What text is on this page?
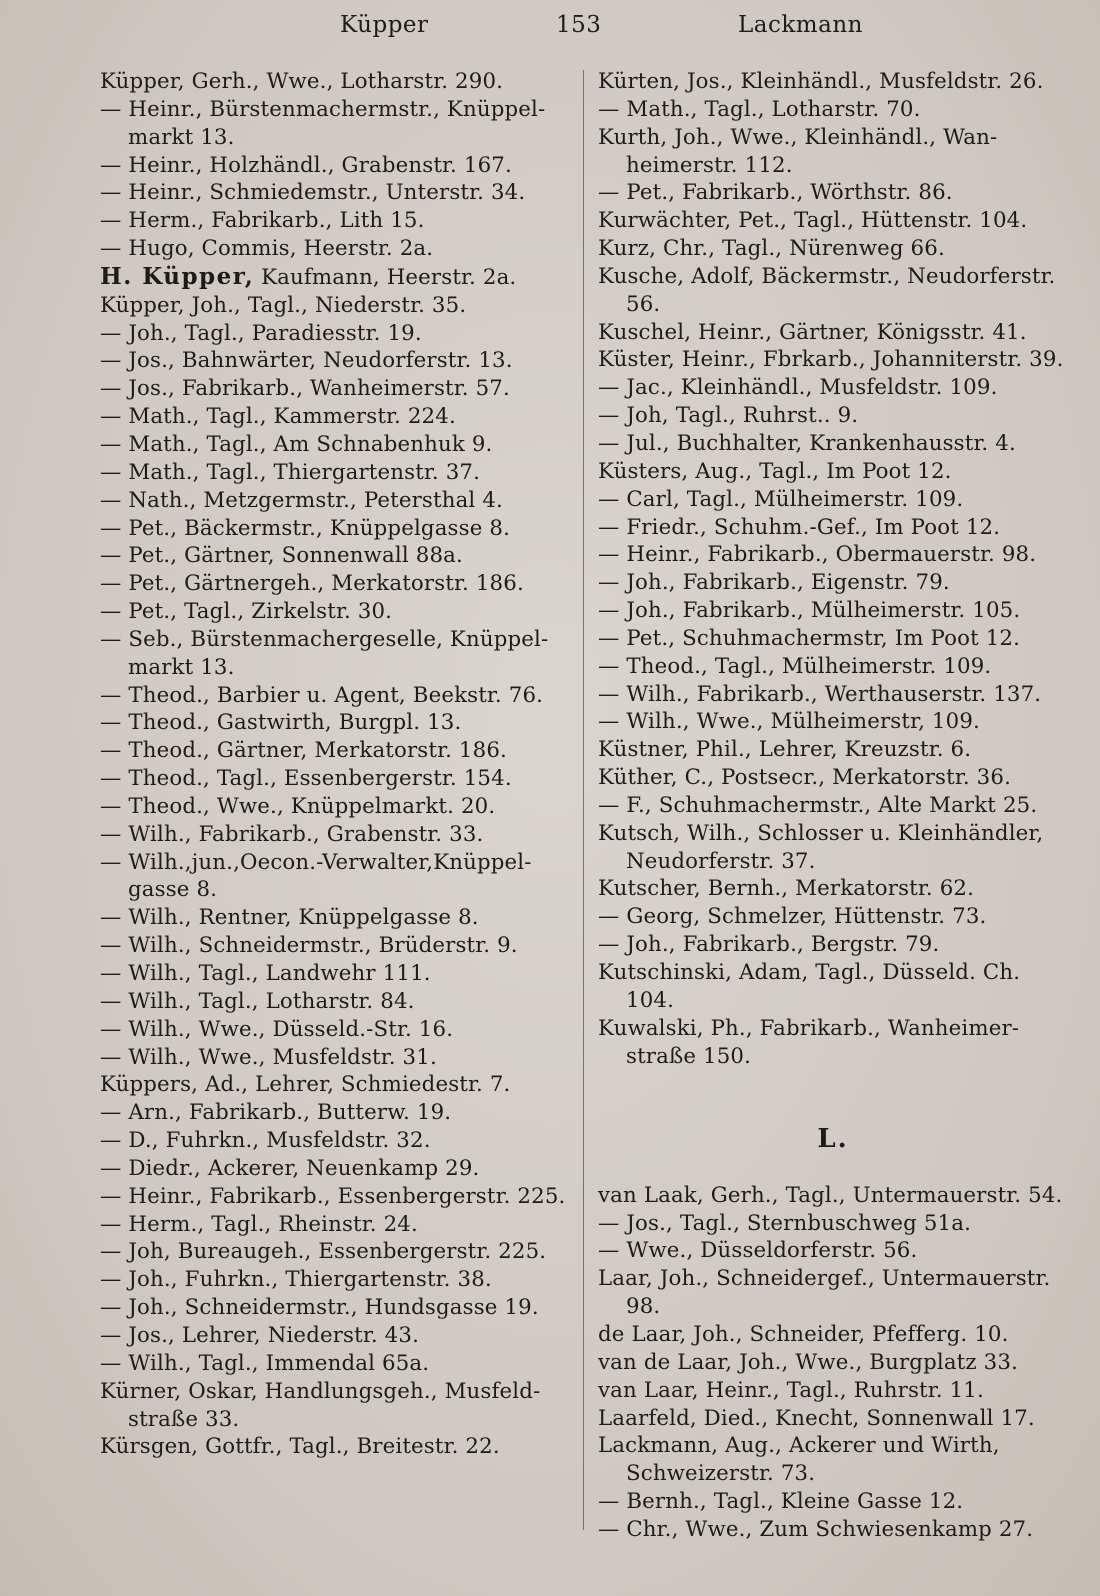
Küpper	153	Lackmann

Küpper, Gerh., Wwe., Lotharstr. 290.

— Heinr., Bürstenmachermstr., Knüppel-markt 13.

— Heinr., Holzhändl., Grabenstr. 167.

— Heinr., Schmiedemstr., Unterstr. 34.

— Herm., Fabrikarb., Lith 15.

— Hugo, Commis, Heerstr. 2a.

H. Küpper, Kaufmann, Heerstr. 2a.

Küpper, Joh., Tagl., Niederstr. 35.

— Joh., Tagl., Paradiesstr. 19.

— Jos., Bahnwärter, Neudorferstr. 13.

— Jos., Fabrikarb., Wanheimerstr. 57.

— Math., Tagl., Kammerstr. 224.

— Math., Tagl., Am Schnabenhuk 9.

— Math., Tagl., Thiergartenstr. 37.

— Nath., Metzgermstr., Petersthal 4.

— Pet., Bäckermstr., Knüppelgasse 8.

— Pet., Gärtner, Sonnenwall 88a.

— Pet., Gärtnergeh., Merkatorstr. 186.

— Pet., Tagl., Zirkelstr. 30.

— Seb., Bürstenmachergeselle, Knüppel-markt 13.

— Theod., Barbier u. Agent, Beekstr. 76.

— Theod., Gastwirth, Burgpl. 13.

— Theod., Gärtner, Merkatorstr. 186.

— Theod., Tagl., Essenbergerstr. 154.

— Theod., Wwe., Knüppelmarkt. 20.

— Wilh., Fabrikarb., Grabenstr. 33.

— Wilh.,jun.,Oecon.-Verwalter,Knüppel-gasse 8.

— Wilh., Rentner, Knüppelgasse 8.

— Wilh., Schneidermstr., Brüderstr. 9.

— Wilh., Tagl., Landwehr 111.

— Wilh., Tagl., Lotharstr. 84.

— Wilh., Wwe., Düsseld.-Str. 16.

— Wilh., Wwe., Musfeldstr. 31.

Küppers, Ad., Lehrer, Schmiedestr. 7.

— Arn., Fabrikarb., Butterw. 19.

— D., Fuhrkn., Musfeldstr. 32.

— Diedr., Ackerer, Neuenkamp 29.

— Heinr., Fabrikarb., Essenbergerstr. 225.

— Herm., Tagl., Rheinstr. 24.

— Joh, Bureaugeh., Essenbergerstr. 225.

— Joh., Fuhrkn., Thiergartenstr. 38.

— Joh., Schneidermstr., Hundsgasse 19.

— Jos., Lehrer, Niederstr. 43.

— Wilh., Tagl., Immendal 65a.

Kürner, Oskar, Handlungsgeh., Musfeld-straße 33.

Kürsgen, Gottfr., Tagl., Breitestr. 22.

Kürten, Jos., Kleinhändl., Musfeldstr. 26.

— Math., Tagl., Lotharstr. 70.

Kurth, Joh., Wwe., Kleinhändl., Wan-heimerstr. 112.

— Pet., Fabrikarb., Wörthstr. 86.

Kurwächter, Pet., Tagl., Hüttenstr. 104.

Kurz, Chr., Tagl., Nürenweg 66.

Kusche, Adolf, Bäckermstr., Neudorferstr. 56.

Kuschel, Heinr., Gärtner, Königsstr. 41.

Küster, Heinr., Fbrkarb., Johanniterstr. 39.

— Jac., Kleinhändl., Musfeldstr. 109.

— Joh, Tagl., Ruhrst.. 9.

— Jul., Buchhalter, Krankenhausstr. 4.

Küsters, Aug., Tagl., Im Poot 12.

— Carl, Tagl., Mülheimerstr. 109.

— Friedr., Schuhm.-Gef., Im Poot 12.

— Heinr., Fabrikarb., Obermauerstr. 98.

— Joh., Fabrikarb., Eigenstr. 79.

— Joh., Fabrikarb., Mülheimerstr. 105.

— Pet., Schuhmachermstr, Im Poot 12.

— Theod., Tagl., Mülheimerstr. 109.

— Wilh., Fabrikarb., Werthauserstr. 137.

— Wilh., Wwe., Mülheimerstr, 109.

Küstner, Phil., Lehrer, Kreuzstr. 6.

Küther, C., Postsecr., Merkatorstr. 36.

— F., Schuhmachermstr., Alte Markt 25.

Kutsch, Wilh., Schlosser u. Kleinhändler, Neudorferstr. 37.

Kutscher, Bernh., Merkatorstr. 62.

— Georg, Schmelzer, Hüttenstr. 73.

— Joh., Fabrikarb., Bergstr. 79.

Kutschinski, Adam, Tagl., Düsseld. Ch. 104.

Kuwalski, Ph., Fabrikarb., Wanheimer-straße 150.

L.

van Laak, Gerh., Tagl., Untermauerstr. 54.

— Jos., Tagl., Sternbuschweg 51a.

— Wwe., Düsseldorferstr. 56.

Laar, Joh., Schneidergef., Untermauerstr. 98.

de Laar, Joh., Schneider, Pfefferg. 10.

van de Laar, Joh., Wwe., Burgplatz 33.

van Laar, Heinr., Tagl., Ruhrstr. 11.

Laarfeld, Died., Knecht, Sonnenwall 17.

Lackmann, Aug., Ackerer und Wirth, Schweizerstr. 73.

— Bernh., Tagl., Kleine Gasse 12.

— Chr., Wwe., Zum Schwiesenkamp 27.
